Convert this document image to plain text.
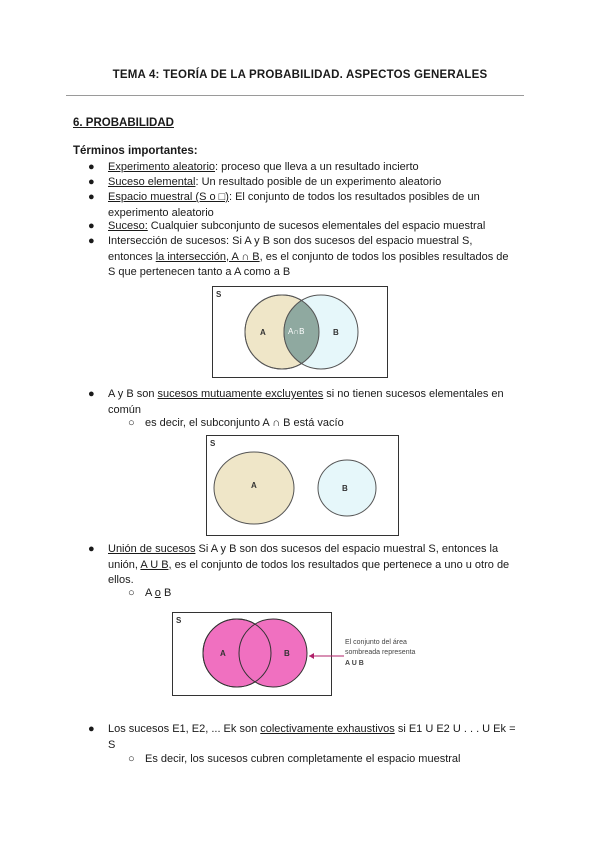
TEMA 4: TEORÍA DE LA PROBABILIDAD. ASPECTOS GENERALES
6. PROBABILIDAD
Términos importantes:
● Experimento aleatorio: proceso que lleva a un resultado incierto
● Suceso elemental: Un resultado posible de un experimento aleatorio
● Espacio muestral (S o □): El conjunto de todos los resultados posibles de un experimento aleatorio
● Suceso: Cualquier subconjunto de sucesos elementales del espacio muestral
● Intersección de sucesos: Si A y B son dos sucesos del espacio muestral S, entonces la intersección, A ∩ B, es el conjunto de todos los posibles resultados de S que pertenecen tanto a A como a B
S
A	A∩B	B
● A y B son sucesos mutuamente excluyentes si no tienen sucesos elementales en común
○ es decir, el subconjunto A ∩ B está vacío
S
A	B
● Unión de sucesos Si A y B son dos sucesos del espacio muestral S, entonces la unión, A U B, es el conjunto de todos los resultados que pertenece a uno u otro de ellos.
○ A o B
S
A	B
El conjunto del área
sombreada representa
A U B
● Los sucesos E1, E2, ... Ek son colectivamente exhaustivos si E1 U E2 U . . . U Ek = S
○ Es decir, los sucesos cubren completamente el espacio muestral
